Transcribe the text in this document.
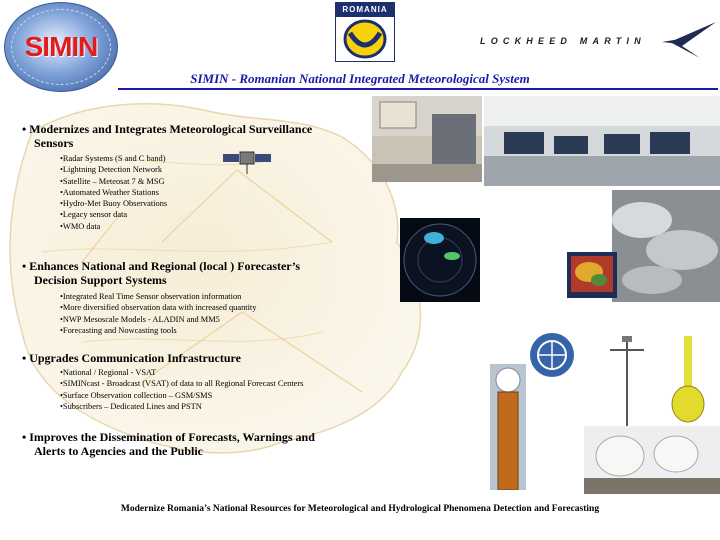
SIMIN
ROMANIA
LOCKHEED MARTIN
SIMIN - Romanian National Integrated Meteorological System
• Modernizes and Integrates Meteorological Surveillance
Sensors
•Radar Systems (S and C band)
•Lightning Detection Network
•Satellite – Meteosat 7 & MSG
•Automated Weather Stations
•Hydro-Met Buoy Observations
•Legacy sensor data
•WMO data
• Enhances National and Regional (local ) Forecaster’s
Decision Support Systems
•Integrated Real Time Sensor observation information
•More diversified observation data with increased quantity
•NWP Mesoscale Models - ALADIN and MM5
•Forecasting and Nowcasting tools
• Upgrades Communication Infrastructure
•National / Regional - VSAT
•SIMINcast - Broadcast (VSAT) of data to all Regional Forecast Centers
•Surface Observation collection – GSM/SMS
•Subscribers – Dedicated Lines and PSTN
• Improves the Dissemination of Forecasts, Warnings and
Alerts to Agencies and the Public
Modernize Romania’s National Resources for Meteorological and Hydrological Phenomena Detection and Forecasting
